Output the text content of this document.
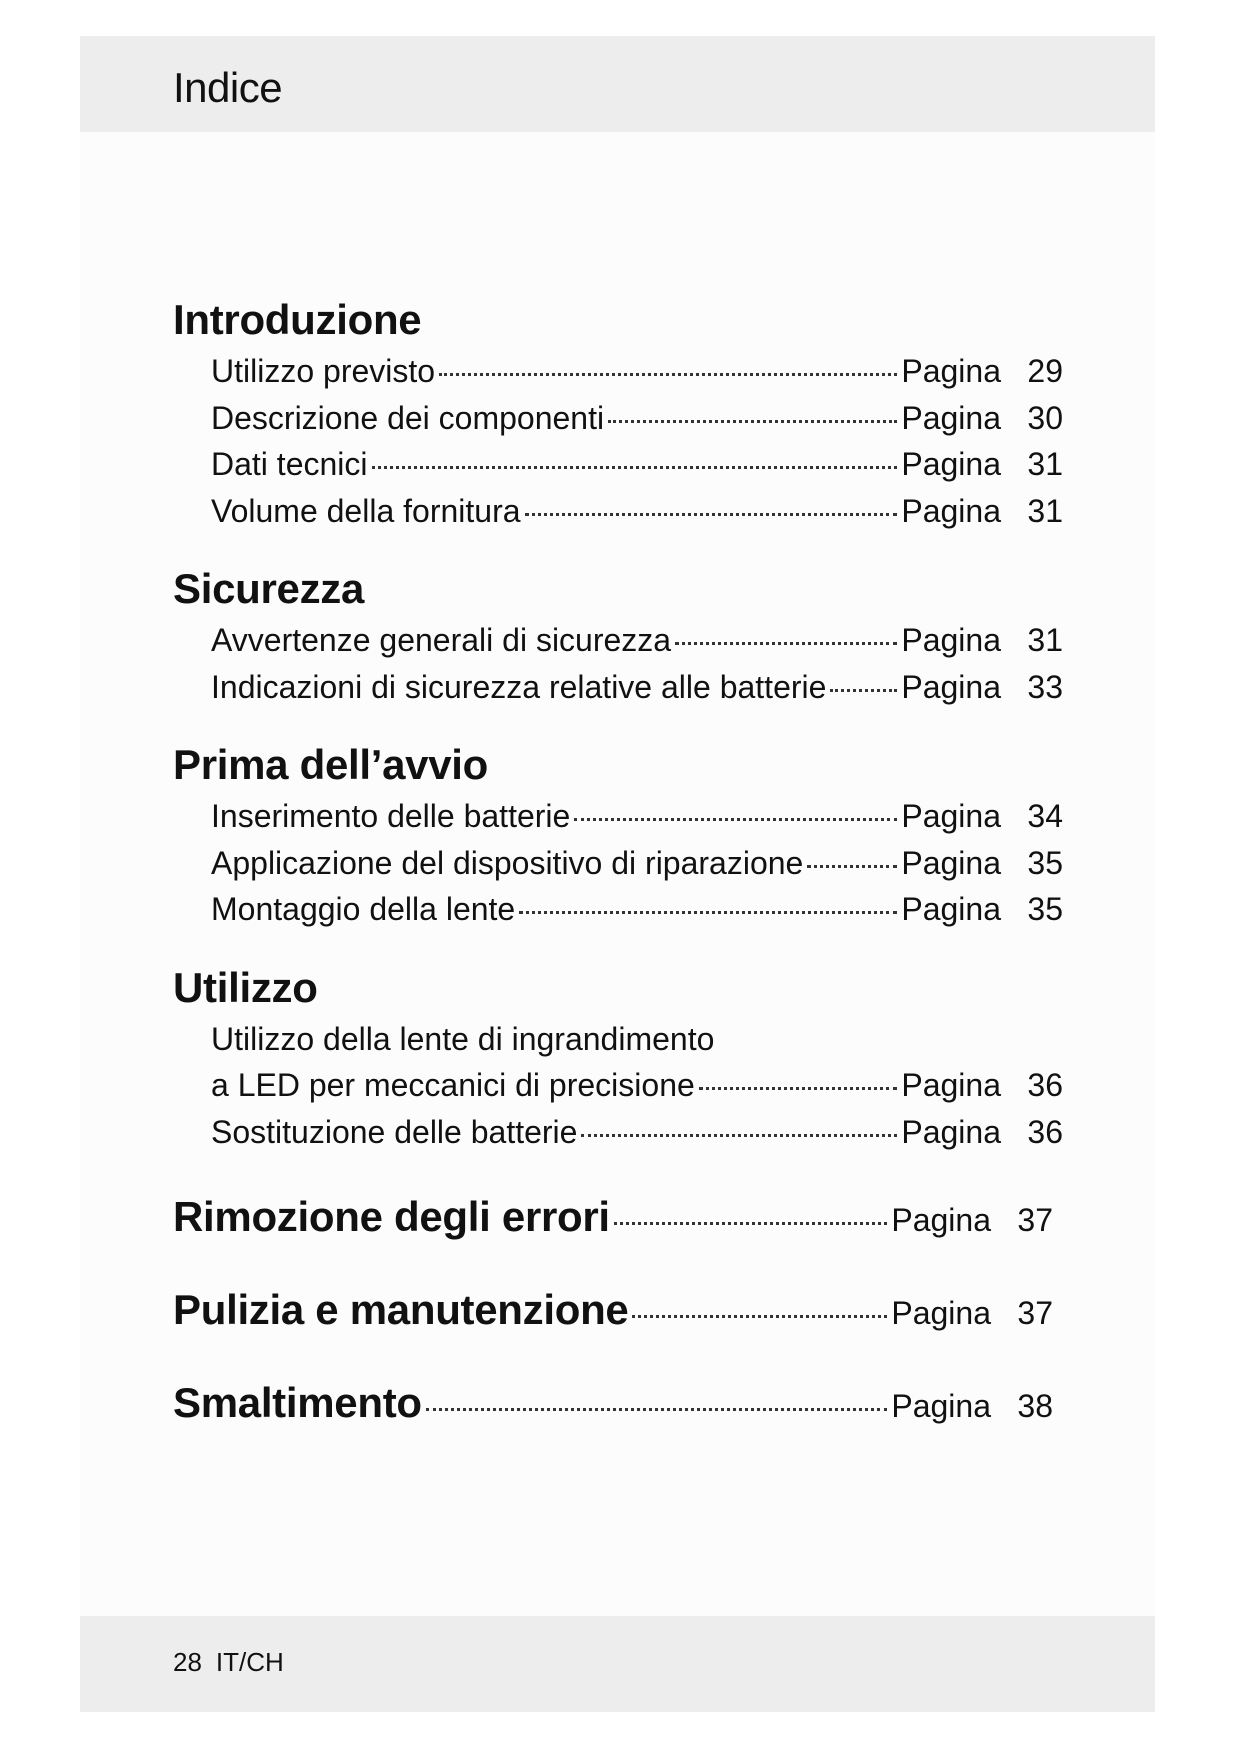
Indice
Introduzione
Utilizzo previsto	Pagina 29
Descrizione dei componenti	Pagina 30
Dati tecnici	Pagina 31
Volume della fornitura	Pagina 31
Sicurezza
Avvertenze generali di sicurezza	Pagina 31
Indicazioni di sicurezza relative alle batterie Pagina 33
Prima dell’avvio
Inserimento delle batterie	Pagina 34
Applicazione del dispositivo di riparazione	Pagina 35
Montaggio della lente	Pagina 35
Utilizzo
Utilizzo della lente di ingrandimento
a LED per meccanici di precisione	Pagina 36
Sostituzione delle batterie	Pagina 36
Rimozione degli errori	Pagina 37
Pulizia e manutenzione	Pagina 37
Smaltimento	Pagina 38
28 IT/CH
